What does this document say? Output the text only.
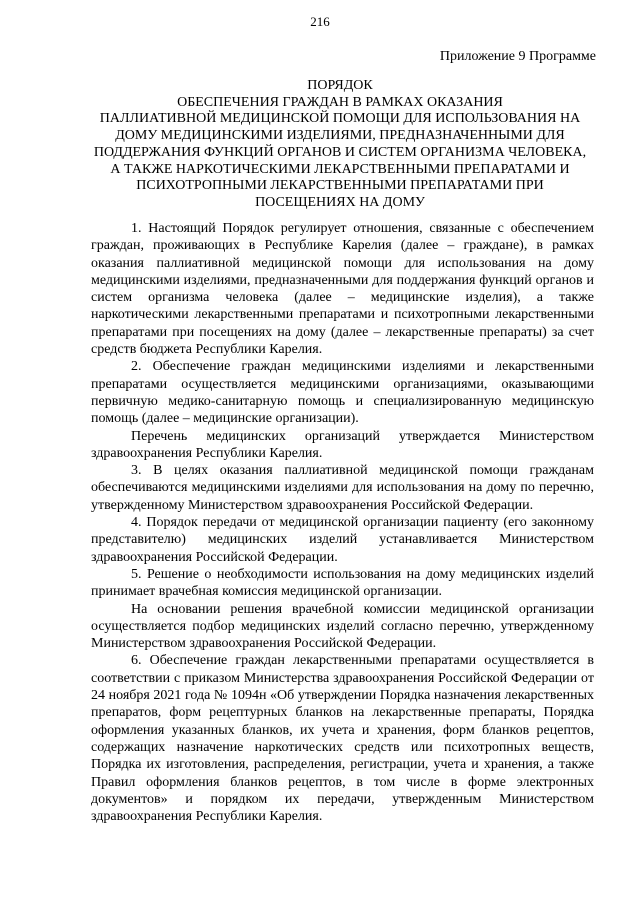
216
Приложение 9 Программе
ПОРЯДОК
ОБЕСПЕЧЕНИЯ ГРАЖДАН В РАМКАХ ОКАЗАНИЯ
ПАЛЛИАТИВНОЙ МЕДИЦИНСКОЙ ПОМОЩИ ДЛЯ ИСПОЛЬЗОВАНИЯ НА
ДОМУ МЕДИЦИНСКИМИ ИЗДЕЛИЯМИ, ПРЕДНАЗНАЧЕННЫМИ ДЛЯ
ПОДДЕРЖАНИЯ ФУНКЦИЙ ОРГАНОВ И СИСТЕМ ОРГАНИЗМА ЧЕЛОВЕКА,
А ТАКЖЕ НАРКОТИЧЕСКИМИ ЛЕКАРСТВЕННЫМИ ПРЕПАРАТАМИ И
ПСИХОТРОПНЫМИ ЛЕКАРСТВЕННЫМИ ПРЕПАРАТАМИ ПРИ
ПОСЕЩЕНИЯХ НА ДОМУ

1. Настоящий Порядок регулирует отношения, связанные с обеспечением граждан, проживающих в Республике Карелия (далее – граждане), в рамках оказания паллиативной медицинской помощи для использования на дому медицинскими изделиями, предназначенными для поддержания функций органов и систем организма человека (далее – медицинские изделия), а также наркотическими лекарственными препаратами и психотропными лекарственными препаратами при посещениях на дому (далее – лекарственные препараты) за счет средств бюджета Республики Карелия.

2. Обеспечение граждан медицинскими изделиями и лекарственными препаратами осуществляется медицинскими организациями, оказывающими первичную медико-санитарную помощь и специализированную медицинскую помощь (далее – медицинские организации).

Перечень медицинских организаций утверждается Министерством здравоохранения Республики Карелия.

3. В целях оказания паллиативной медицинской помощи гражданам обеспечиваются медицинскими изделиями для использования на дому по перечню, утвержденному Министерством здравоохранения Российской Федерации.

4. Порядок передачи от медицинской организации пациенту (его законному представителю) медицинских изделий устанавливается Министерством здравоохранения Российской Федерации.

5. Решение о необходимости использования на дому медицинских изделий принимает врачебная комиссия медицинской организации.

На основании решения врачебной комиссии медицинской организации осуществляется подбор медицинских изделий согласно перечню, утвержденному Министерством здравоохранения Российской Федерации.

6. Обеспечение граждан лекарственными препаратами осуществляется в соответствии с приказом Министерства здравоохранения Российской Федерации от 24 ноября 2021 года № 1094н «Об утверждении Порядка назначения лекарственных препаратов, форм рецептурных бланков на лекарственные препараты, Порядка оформления указанных бланков, их учета и хранения, форм бланков рецептов, содержащих назначение наркотических средств или психотропных веществ, Порядка их изготовления, распределения, регистрации, учета и хранения, а также Правил оформления бланков рецептов, в том числе в форме электронных документов» и порядком их передачи, утвержденным Министерством здравоохранения Республики Карелия.
